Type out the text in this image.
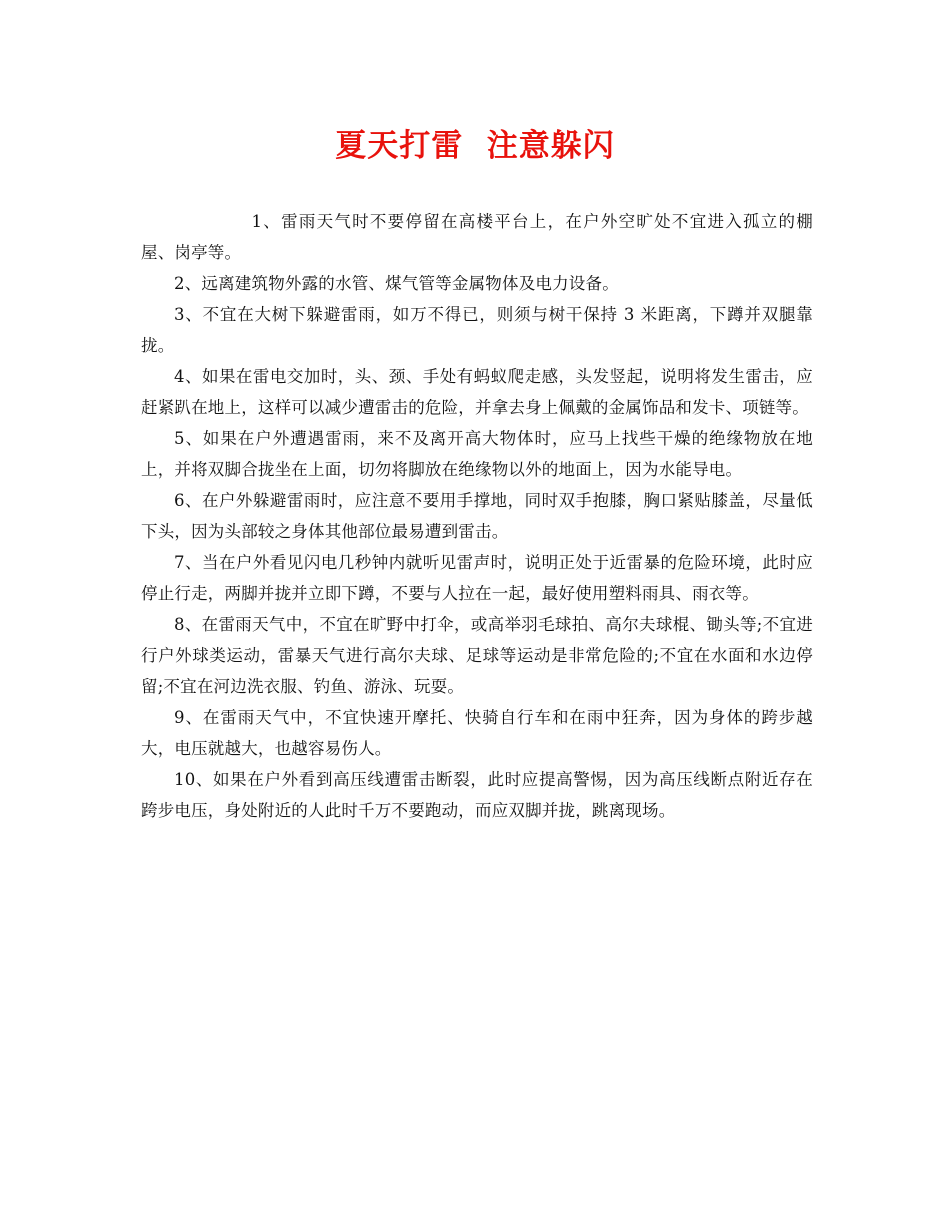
夏天打雷  注意躲闪

1、雷雨天气时不要停留在高楼平台上，在户外空旷处不宜进入孤立的棚屋、岗亭等。

2、远离建筑物外露的水管、煤气管等金属物体及电力设备。

3、不宜在大树下躲避雷雨，如万不得已，则须与树干保持 3 米距离，下蹲并双腿靠拢。

4、如果在雷电交加时，头、颈、手处有蚂蚁爬走感，头发竖起，说明将发生雷击，应赶紧趴在地上，这样可以减少遭雷击的危险，并拿去身上佩戴的金属饰品和发卡、项链等。

5、如果在户外遭遇雷雨，来不及离开高大物体时，应马上找些干燥的绝缘物放在地上，并将双脚合拢坐在上面，切勿将脚放在绝缘物以外的地面上，因为水能导电。

6、在户外躲避雷雨时，应注意不要用手撑地，同时双手抱膝，胸口紧贴膝盖，尽量低下头，因为头部较之身体其他部位最易遭到雷击。

7、当在户外看见闪电几秒钟内就听见雷声时，说明正处于近雷暴的危险环境，此时应停止行走，两脚并拢并立即下蹲，不要与人拉在一起，最好使用塑料雨具、雨衣等。

8、在雷雨天气中，不宜在旷野中打伞，或高举羽毛球拍、高尔夫球棍、锄头等;不宜进行户外球类运动，雷暴天气进行高尔夫球、足球等运动是非常危险的;不宜在水面和水边停留;不宜在河边洗衣服、钓鱼、游泳、玩耍。

9、在雷雨天气中，不宜快速开摩托、快骑自行车和在雨中狂奔，因为身体的跨步越大，电压就越大，也越容易伤人。

10、如果在户外看到高压线遭雷击断裂，此时应提高警惕，因为高压线断点附近存在跨步电压，身处附近的人此时千万不要跑动，而应双脚并拢，跳离现场。
